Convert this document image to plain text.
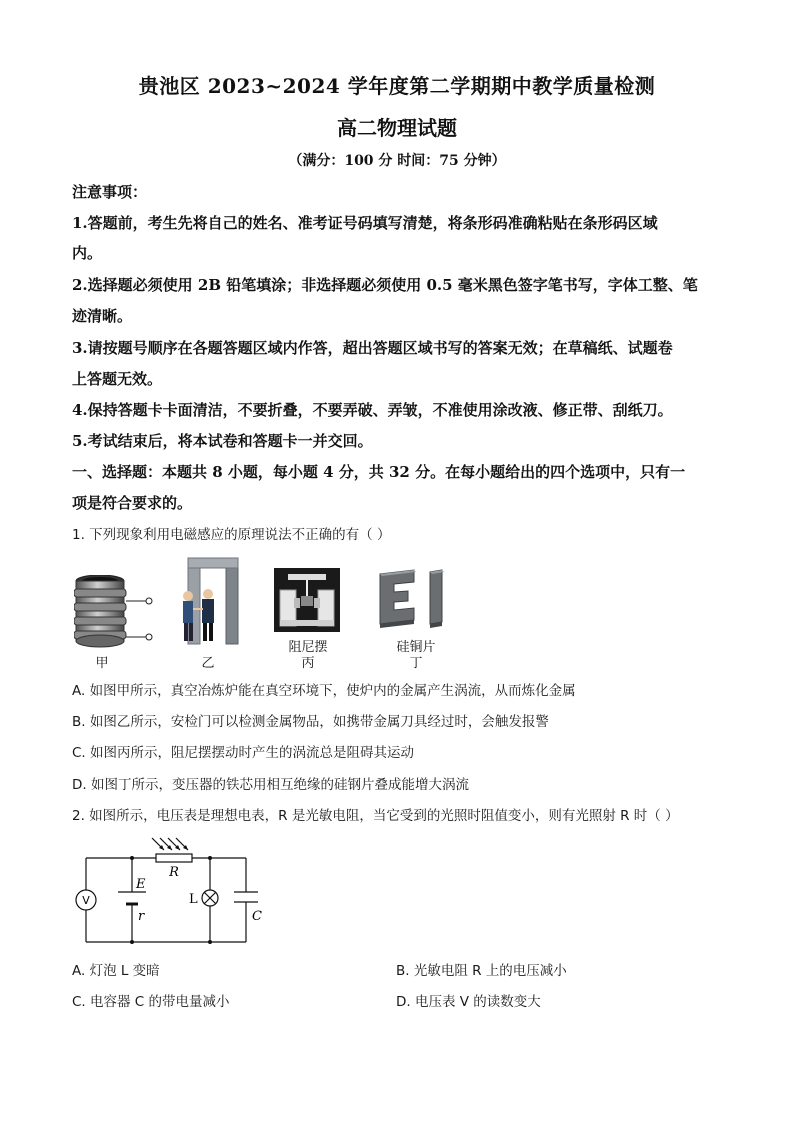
贵池区 2023~2024 学年度第二学期期中教学质量检测
高二物理试题
（满分：100 分 时间：75 分钟）
注意事项：
1.答题前，考生先将自己的姓名、准考证号码填写清楚，将条形码准确粘贴在条形码区域
内。
2.选择题必须使用 2B 铅笔填涂；非选择题必须使用 0.5 毫米黑色签字笔书写，字体工整、笔
迹清晰。
3.请按题号顺序在各题答题区域内作答，超出答题区域书写的答案无效；在草稿纸、试题卷
上答题无效。
4.保持答题卡卡面清洁，不要折叠，不要弄破、弄皱，不准使用涂改液、修正带、刮纸刀。
5.考试结束后，将本试卷和答题卡一并交回。
一、选择题：本题共 8 小题，每小题 4 分，共 32 分。在每小题给出的四个选项中，只有一
项是符合要求的。
1. 下列现象利用电磁感应的原理说法不正确的有（ ）
甲	乙
阻尼摆
丙
硅铜片
丁
A. 如图甲所示，真空冶炼炉能在真空环境下，使炉内的金属产生涡流，从而炼化金属
B. 如图乙所示，安检门可以检测金属物品，如携带金属刀具经过时，会触发报警
C. 如图丙所示，阻尼摆摆动时产生的涡流总是阻碍其运动
D. 如图丁所示，变压器的铁芯用相互绝缘的硅钢片叠成能增大涡流
2. 如图所示，电压表是理想电表，R 是光敏电阻，当它受到的光照时阻值变小，则有光照射 R 时（ ）
R
E
r
L
C
V
A. 灯泡 L 变暗	B. 光敏电阻 R 上的电压减小
C. 电容器 C 的带电量减小	D. 电压表 V 的读数变大
